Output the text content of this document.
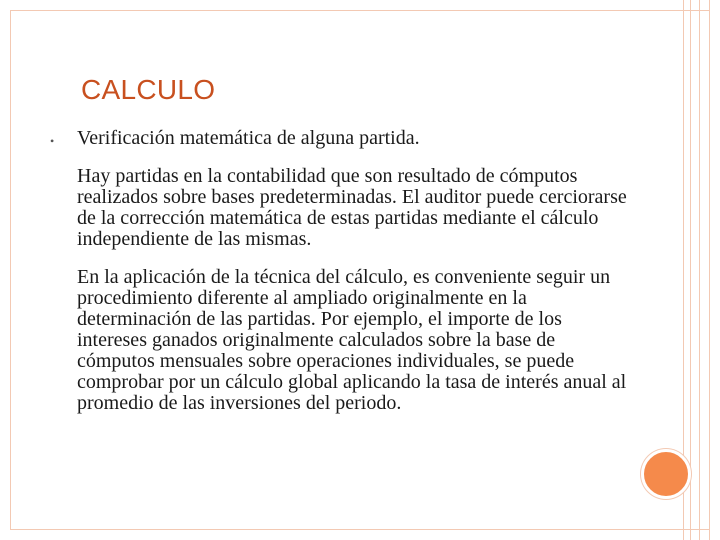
CALCULO
• Verificación matemática de alguna partida.

Hay partidas en la contabilidad que son resultado de cómputos realizados sobre bases predeterminadas. El auditor puede cerciorarse de la corrección matemática de estas partidas mediante el cálculo independiente de las mismas.

En la aplicación de la técnica del cálculo, es conveniente seguir un procedimiento diferente al ampliado originalmente en la determinación de las partidas. Por ejemplo, el importe de los intereses ganados originalmente calculados sobre la base de cómputos mensuales sobre operaciones individuales, se puede comprobar por un cálculo global aplicando la tasa de interés anual al promedio de las inversiones del periodo.
